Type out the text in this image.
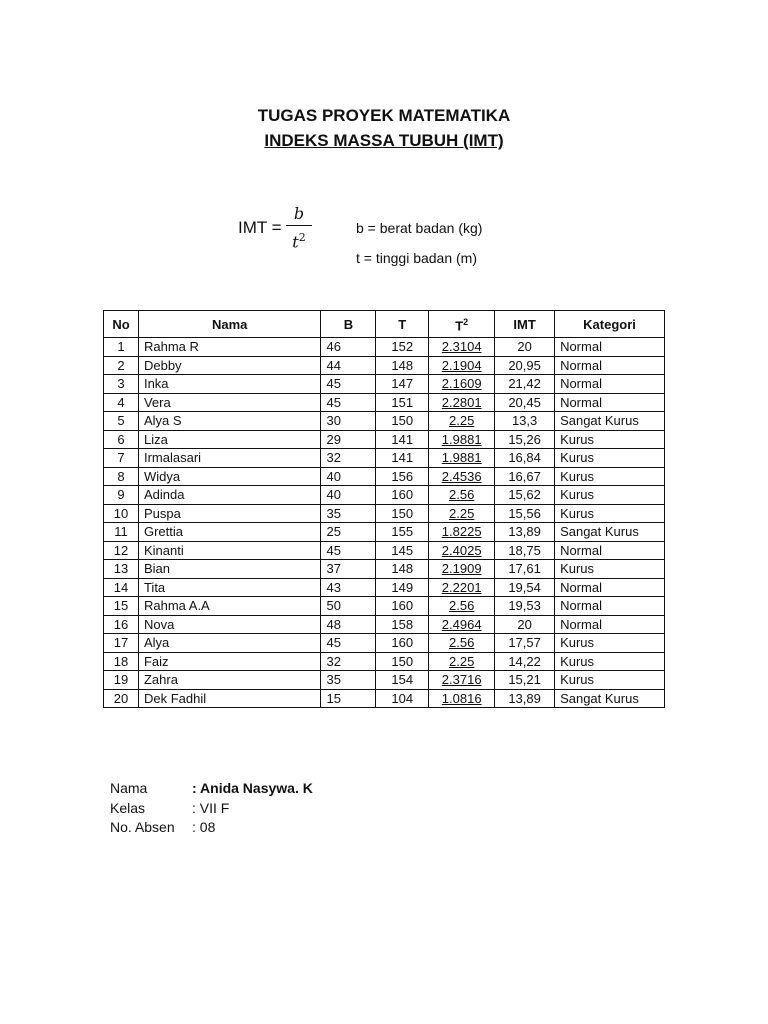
TUGAS PROYEK MATEMATIKA
INDEKS MASSA TUBUH (IMT)
IMT =
b
$t^2$
b = berat badan (kg)
t = tinggi badan (m)
No	Nama	B	T	$T^2$	IMT	Kategori
1	Rahma R	46	152	2.3104	20	Normal
2	Debby	44	148	2.1904	20,95	Normal
3	Inka	45	147	2.1609	21,42	Normal
4	Vera	45	151	2.2801	20,45	Normal
5	Alya S	30	150	2.25	13,3	Sangat Kurus
6	Liza	29	141	1.9881	15,26	Kurus
7	Irmalasari	32	141	1.9881	16,84	Kurus
8	Widya	40	156	2.4536	16,67	Kurus
9	Adinda	40	160	2.56	15,62	Kurus
10	Puspa	35	150	2.25	15,56	Kurus
11	Grettia	25	155	1.8225	13,89	Sangat Kurus
12	Kinanti	45	145	2.4025	18,75	Normal
13	Bian	37	148	2.1909	17,61	Kurus
14	Tita	43	149	2.2201	19,54	Normal
15	Rahma A.A	50	160	2.56	19,53	Normal
16	Nova	48	158	2.4964	20	Normal
17	Alya	45	160	2.56	17,57	Kurus
18	Faiz	32	150	2.25	14,22	Kurus
19	Zahra	35	154	2.3716	15,21	Kurus
20	Dek Fadhil	15	104	1.0816	13,89	Sangat Kurus
Nama	: Anida Nasywa. K
Kelas	: VII F
No. Absen : 08
